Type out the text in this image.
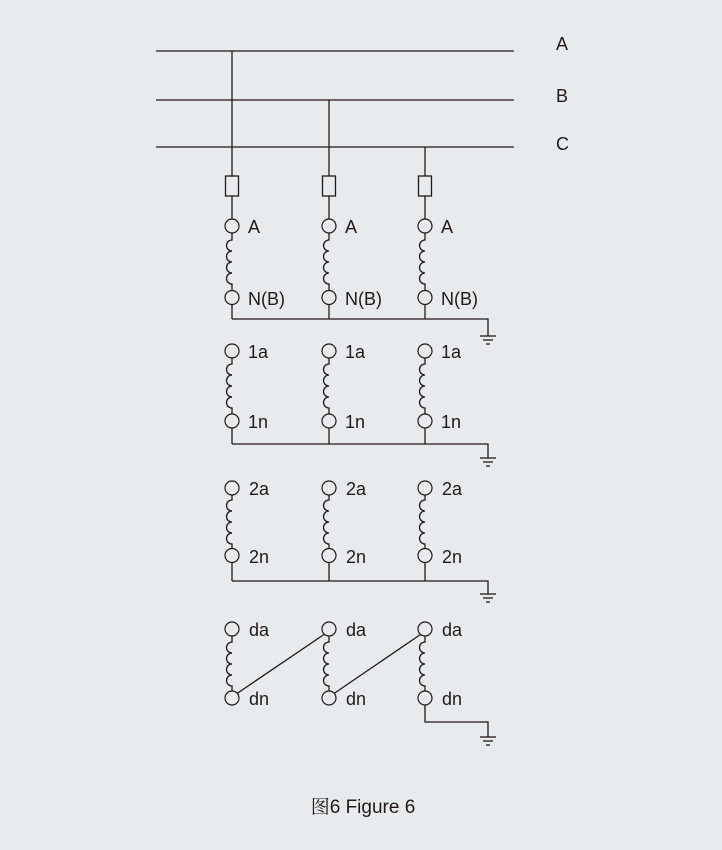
A
B
C
A
N(B)
A
N(B)
A
N(B)
1a
1n
1a
1n
1a
1n
2a
2n
2a
2n
2a
2n
da
dn
da
dn
da
dn
图6 Figure 6
